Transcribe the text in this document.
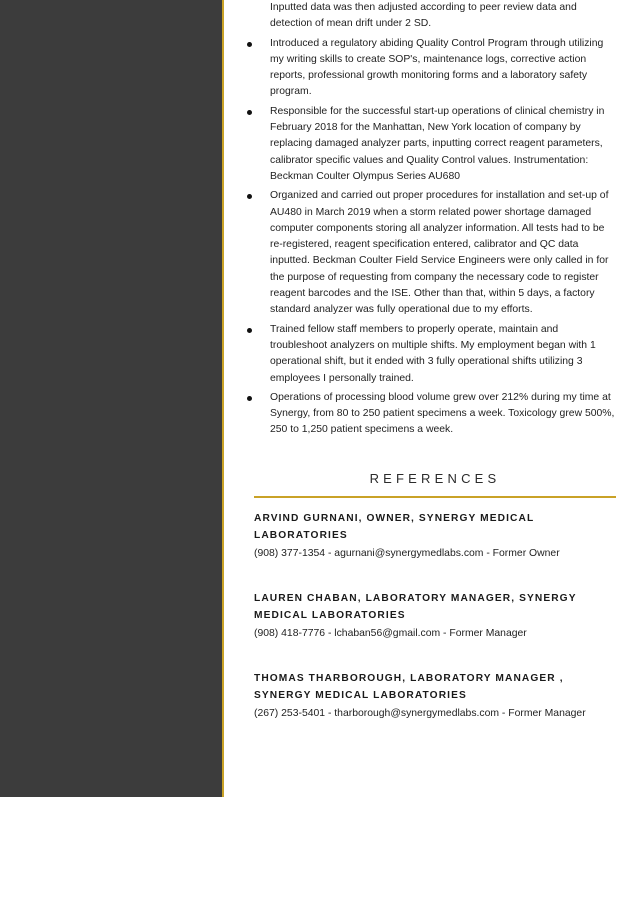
Inputted data was then adjusted according to peer review data and detection of mean drift under 2 SD.

Introduced a regulatory abiding Quality Control Program through utilizing my writing skills to create SOP's, maintenance logs, corrective action reports, professional growth monitoring forms and a laboratory safety program.
Responsible for the successful start-up operations of clinical chemistry in February 2018 for the Manhattan, New York location of company by replacing damaged analyzer parts, inputting correct reagent parameters, calibrator specific values and Quality Control values. Instrumentation: Beckman Coulter Olympus Series AU680
Organized and carried out proper procedures for installation and set-up of AU480 in March 2019 when a storm related power shortage damaged computer components storing all analyzer information. All tests had to be re-registered, reagent specification entered, calibrator and QC data inputted. Beckman Coulter Field Service Engineers were only called in for the purpose of requesting from company the necessary code to register reagent barcodes and the ISE. Other than that, within 5 days, a factory standard analyzer was fully operational due to my efforts.
Trained fellow staff members to properly operate, maintain and troubleshoot analyzers on multiple shifts. My employment began with 1 operational shift, but it ended with 3 fully operational shifts utilizing 3 employees I personally trained.
Operations of processing blood volume grew over 212% during my time at Synergy, from 80 to 250 patient specimens a week. Toxicology grew 500%, 250 to 1,250 patient specimens a week.
REFERENCES
ARVIND GURNANI, OWNER, SYNERGY MEDICAL LABORATORIES
(908) 377-1354 - agurnani@synergymedlabs.com - Former Owner
LAUREN CHABAN, LABORATORY MANAGER, SYNERGY MEDICAL LABORATORIES
(908) 418-7776 - lchaban56@gmail.com - Former Manager
THOMAS THARBOROUGH, LABORATORY MANAGER , SYNERGY MEDICAL LABORATORIES
(267) 253-5401 - tharborough@synergymedlabs.com - Former Manager
